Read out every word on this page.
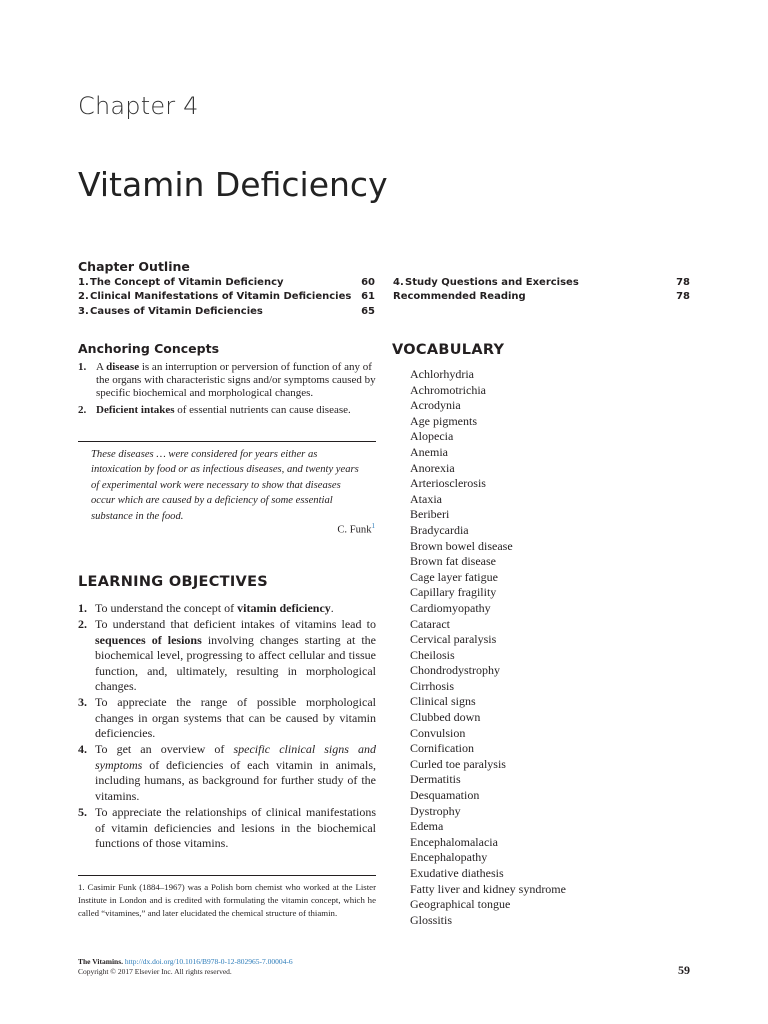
Chapter 4
Vitamin Deficiency
Chapter Outline
1. The Concept of Vitamin Deficiency	60
2. Clinical Manifestations of Vitamin Deficiencies 61
3. Causes of Vitamin Deficiencies	65
4. Study Questions and Exercises	78
Recommended Reading	78
Anchoring Concepts
1. A disease is an interruption or perversion of function of any of the organs with characteristic signs and/or symptoms caused by specific biochemical and morphological changes.
2. Deficient intakes of essential nutrients can cause disease.
These diseases … were considered for years either as intoxication by food or as infectious diseases, and twenty years of experimental work were necessary to show that diseases occur which are caused by a deficiency of some essential substance in the food.
C. Funk$^1$
LEARNING OBJECTIVES
1. To understand the concept of vitamin deficiency.
2. To understand that deficient intakes of vitamins lead to sequences of lesions involving changes starting at the biochemical level, progressing to affect cellular and tissue function, and, ultimately, resulting in morphological changes.
3. To appreciate the range of possible morphological changes in organ systems that can be caused by vitamin deficiencies.
4. To get an overview of specific clinical signs and symptoms of deficiencies of each vitamin in animals, including humans, as background for further study of the vitamins.
5. To appreciate the relationships of clinical manifestations of vitamin deficiencies and lesions in the biochemical functions of those vitamins.
1. Casimir Funk (1884–1967) was a Polish born chemist who worked at the Lister Institute in London and is credited with formulating the vitamin concept, which he called “vitamines,” and later elucidated the chemical structure of thiamin.
VOCABULARY
Achlorhydria
Achromotrichia
Acrodynia
Age pigments
Alopecia
Anemia
Anorexia
Arteriosclerosis
Ataxia
Beriberi
Bradycardia
Brown bowel disease
Brown fat disease
Cage layer fatigue
Capillary fragility
Cardiomyopathy
Cataract
Cervical paralysis
Cheilosis
Chondrodystrophy
Cirrhosis
Clinical signs
Clubbed down
Convulsion
Cornification
Curled toe paralysis
Dermatitis
Desquamation
Dystrophy
Edema
Encephalomalacia
Encephalopathy
Exudative diathesis
Fatty liver and kidney syndrome
Geographical tongue
Glossitis
The Vitamins. http://dx.doi.org/10.1016/B978-0-12-802965-7.00004-6
Copyright © 2017 Elsevier Inc. All rights reserved.	59
